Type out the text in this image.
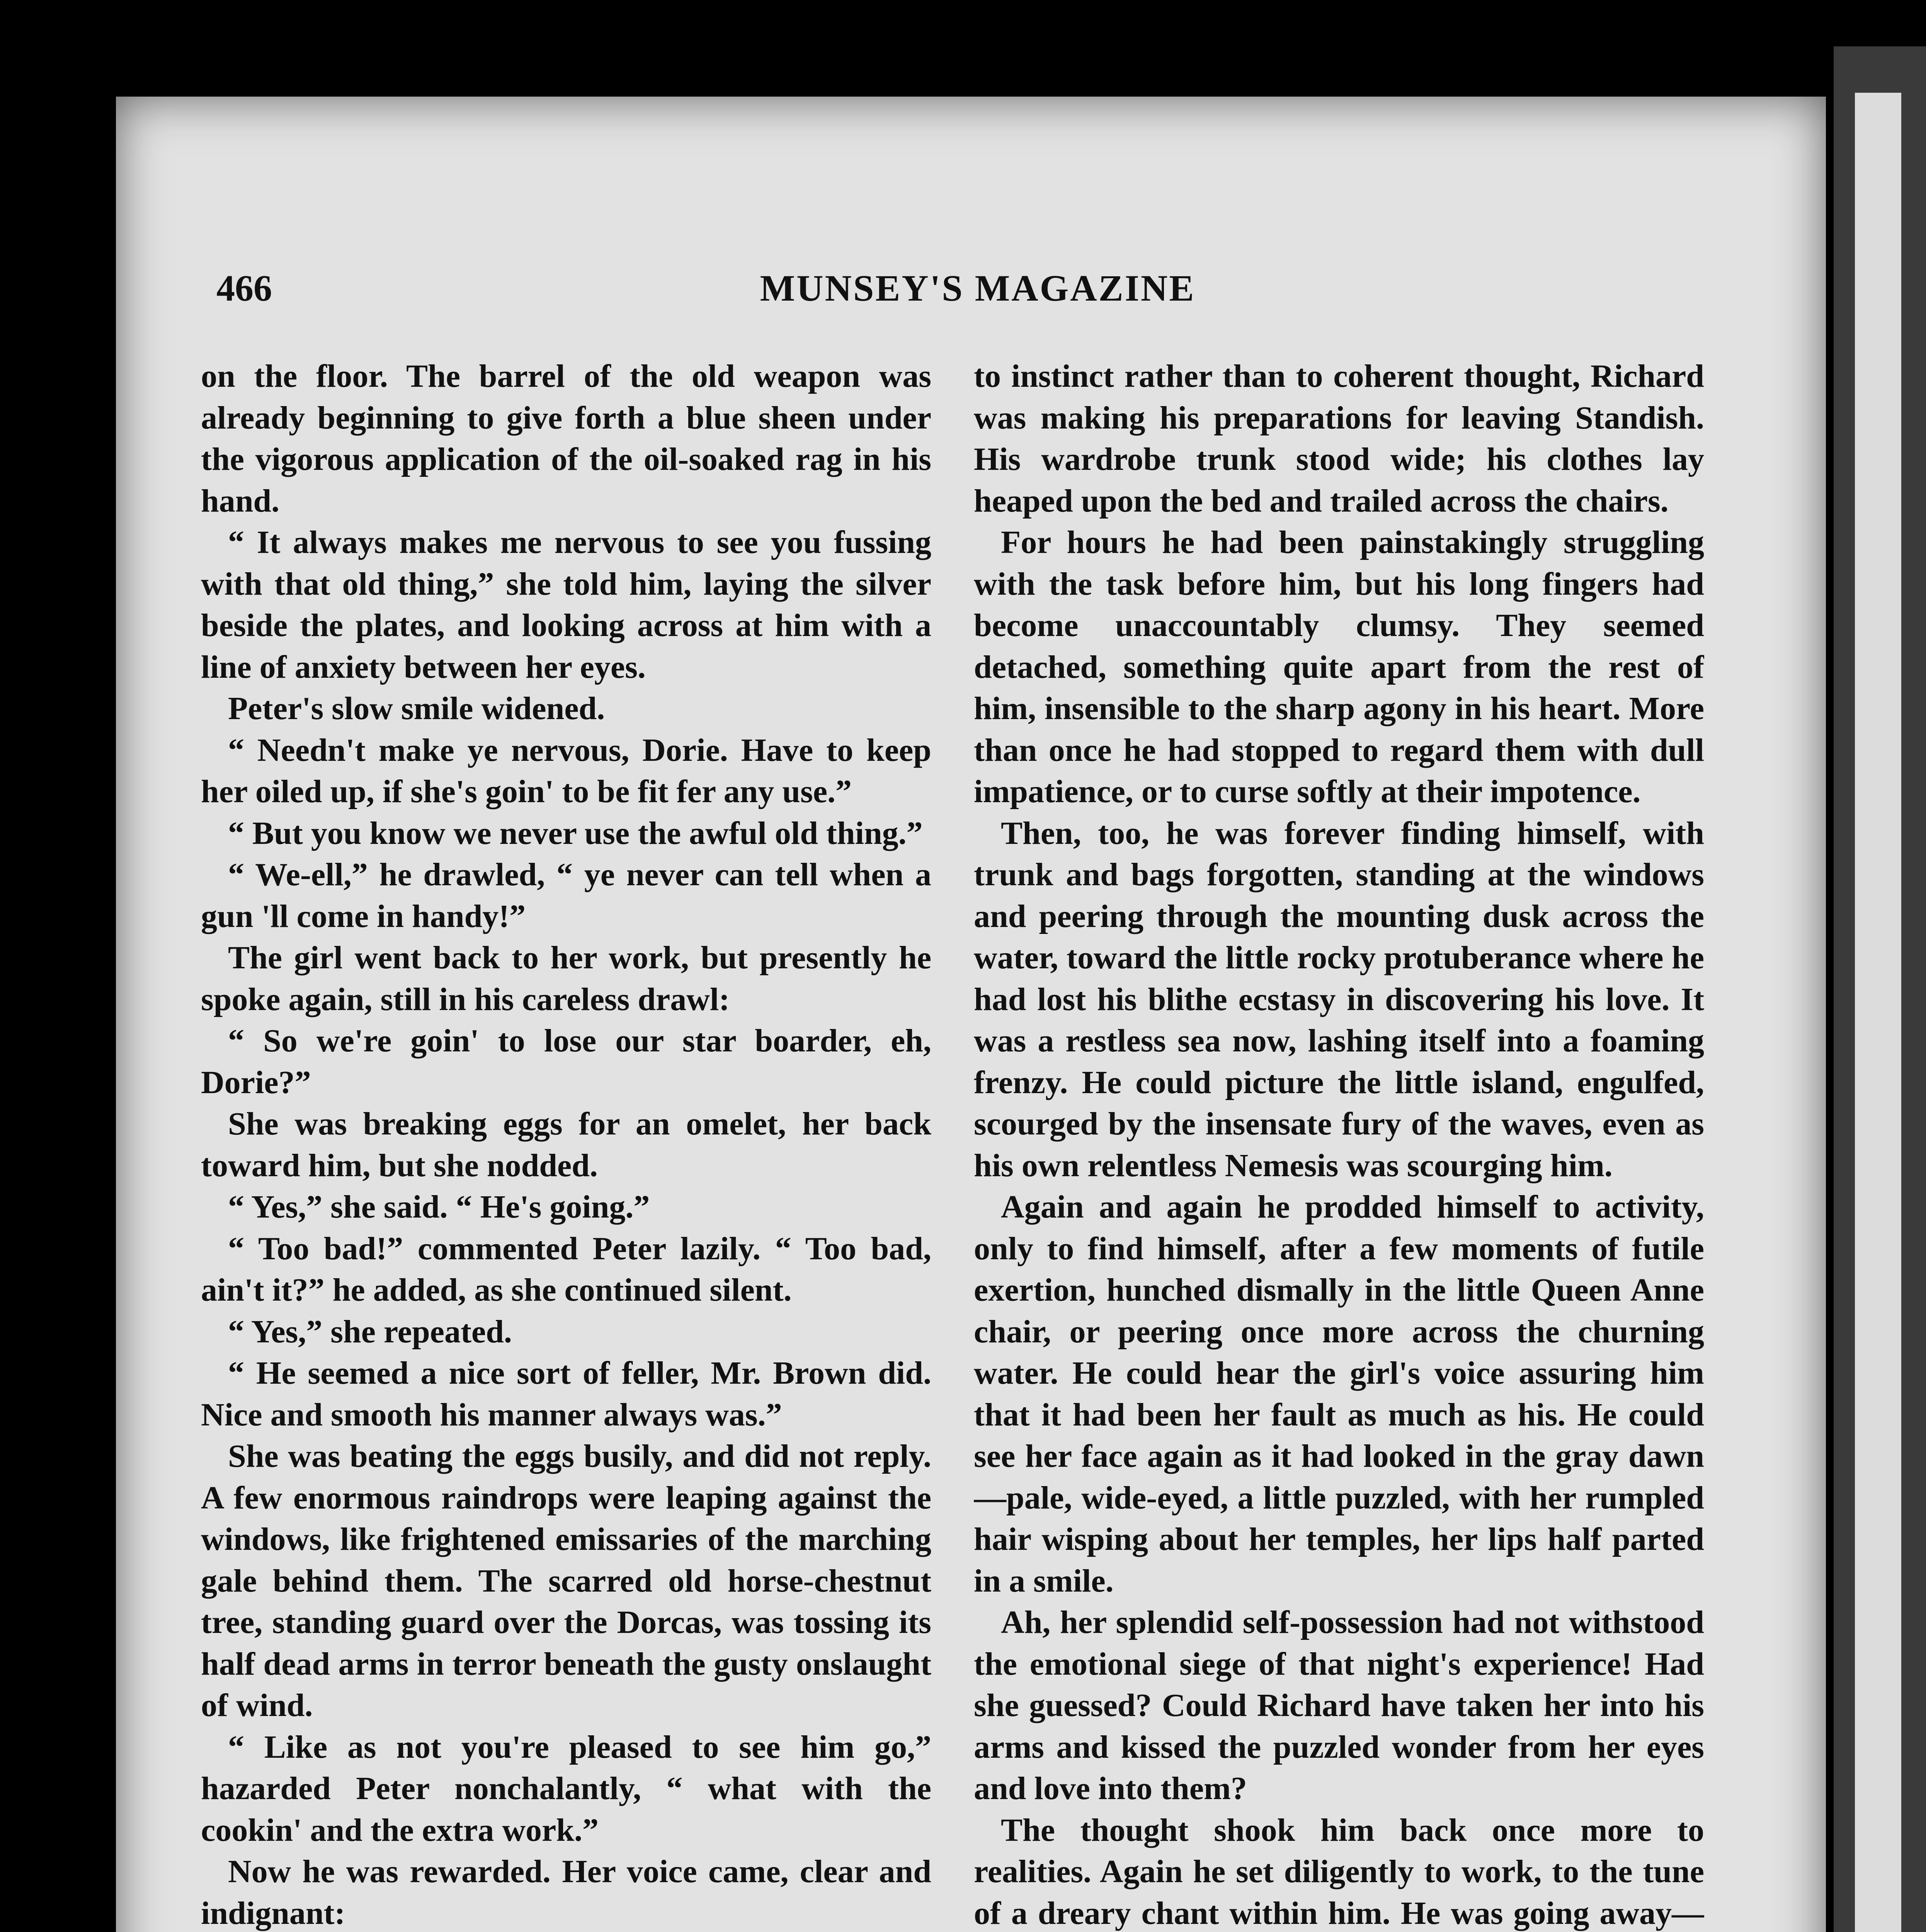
466	MUNSEY'S MAGAZINE

on the floor. The barrel of the old weapon was already beginning to give forth a blue sheen under the vigorous application of the oil-soaked rag in his hand.

“ It always makes me nervous to see you fussing with that old thing,” she told him, laying the silver beside the plates, and looking across at him with a line of anxiety between her eyes.

Peter's slow smile widened.

“ Needn't make ye nervous, Dorie. Have to keep her oiled up, if she's goin' to be fit fer any use.”

“ But you know we never use the awful old thing.”

“ We-ell,” he drawled, “ ye never can tell when a gun 'll come in handy!”

The girl went back to her work, but presently he spoke again, still in his careless drawl:

“ So we're goin' to lose our star boarder, eh, Dorie?”

She was breaking eggs for an omelet, her back toward him, but she nodded.

“ Yes,” she said. “ He's going.”

“ Too bad!” commented Peter lazily. “ Too bad, ain't it?” he added, as she continued silent.

“ Yes,” she repeated.

“ He seemed a nice sort of feller, Mr. Brown did. Nice and smooth his manner always was.”

She was beating the eggs busily, and did not reply. A few enormous raindrops were leaping against the windows, like frightened emissaries of the marching gale behind them. The scarred old horse-chestnut tree, standing guard over the Dorcas, was tossing its half dead arms in terror beneath the gusty onslaught of wind.

“ Like as not you're pleased to see him go,” hazarded Peter nonchalantly, “ what with the cookin' and the extra work.”

Now he was rewarded. Her voice came, clear and indignant:

to instinct rather than to coherent thought, Richard was making his preparations for leaving Standish. His wardrobe trunk stood wide; his clothes lay heaped upon the bed and trailed across the chairs.

For hours he had been painstakingly struggling with the task before him, but his long fingers had become unaccountably clumsy. They seemed detached, something quite apart from the rest of him, insensible to the sharp agony in his heart. More than once he had stopped to regard them with dull impatience, or to curse softly at their impotence.

Then, too, he was forever finding himself, with trunk and bags forgotten, standing at the windows and peering through the mounting dusk across the water, toward the little rocky protuberance where he had lost his blithe ecstasy in discovering his love. It was a restless sea now, lashing itself into a foaming frenzy. He could picture the little island, engulfed, scourged by the insensate fury of the waves, even as his own relentless Nemesis was scourging him.

Again and again he prodded himself to activity, only to find himself, after a few moments of futile exertion, hunched dismally in the little Queen Anne chair, or peering once more across the churning water. He could hear the girl's voice assuring him that it had been her fault as much as his. He could see her face again as it had looked in the gray dawn—pale, wide-eyed, a little puzzled, with her rumpled hair wisping about her temples, her lips half parted in a smile.

Ah, her splendid self-possession had not withstood the emotional siege of that night's experience! Had she guessed? Could Richard have taken her into his arms and kissed the puzzled wonder from her eyes and love into them?

The thought shook him back once more to realities. Again he set diligently to work, to the tune of a dreary chant within him. He was going away—
